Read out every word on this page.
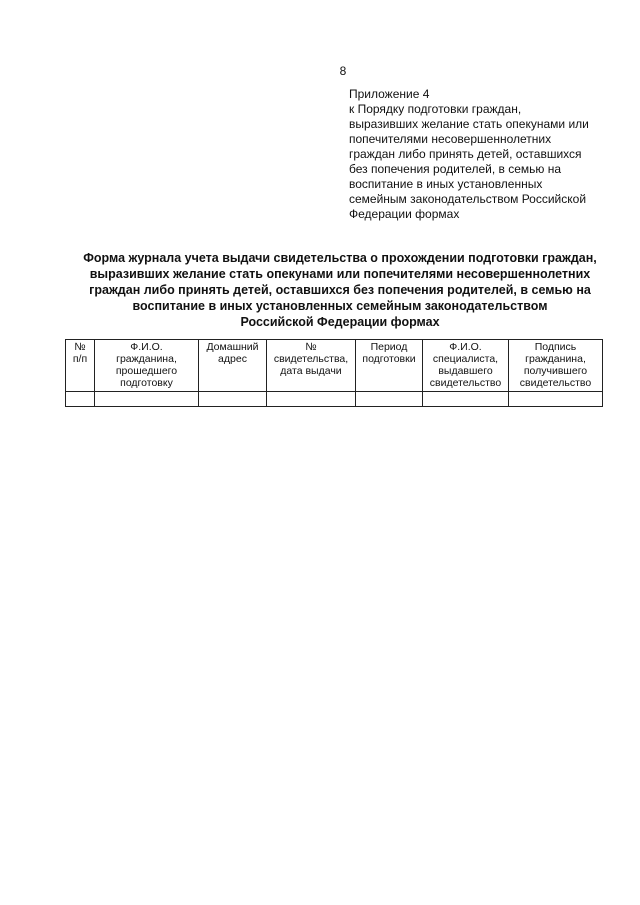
8
Приложение 4
к Порядку подготовки граждан,
выразивших желание стать опекунами или
попечителями несовершеннолетних
граждан либо принять детей, оставшихся
без попечения родителей, в семью на
воспитание в иных установленных
семейным законодательством Российской
Федерации формах
Форма журнала учета выдачи свидетельства о прохождении подготовки граждан,
выразивших желание стать опекунами или попечителями несовершеннолетних
граждан либо принять детей, оставшихся без попечения родителей, в семью на
воспитание в иных установленных семейным законодательством
Российской Федерации формах
№
п/п	Ф.И.О.
гражданина,
прошедшего
подготовку	Домашний
адрес	№
свидетельства,
дата выдачи	Период
подготовки	Ф.И.О.
специалиста,
выдавшего
свидетельство	Подпись
гражданина,
получившего
свидетельство
